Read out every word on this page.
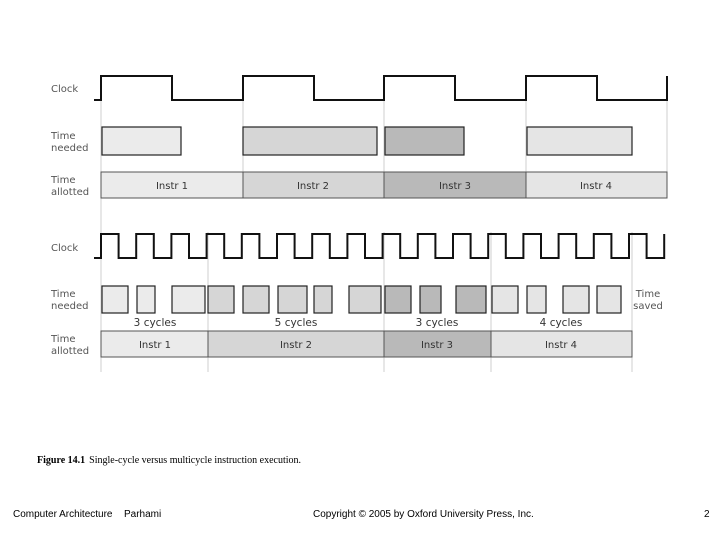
Clock
Time
needed
Time
allotted
Instr 1	Instr 2	Instr 3	Instr 4
Clock
Time
needed
Time
allotted
3 cycles	5 cycles	3 cycles	4 cycles
Time
saved
Instr 1	Instr 2	Instr 3	Instr 4
Figure 14.1 Single-cycle versus multicycle instruction execution.
Computer Architecture Parhami	Copyright © 2005 by Oxford University Press, Inc.	2
